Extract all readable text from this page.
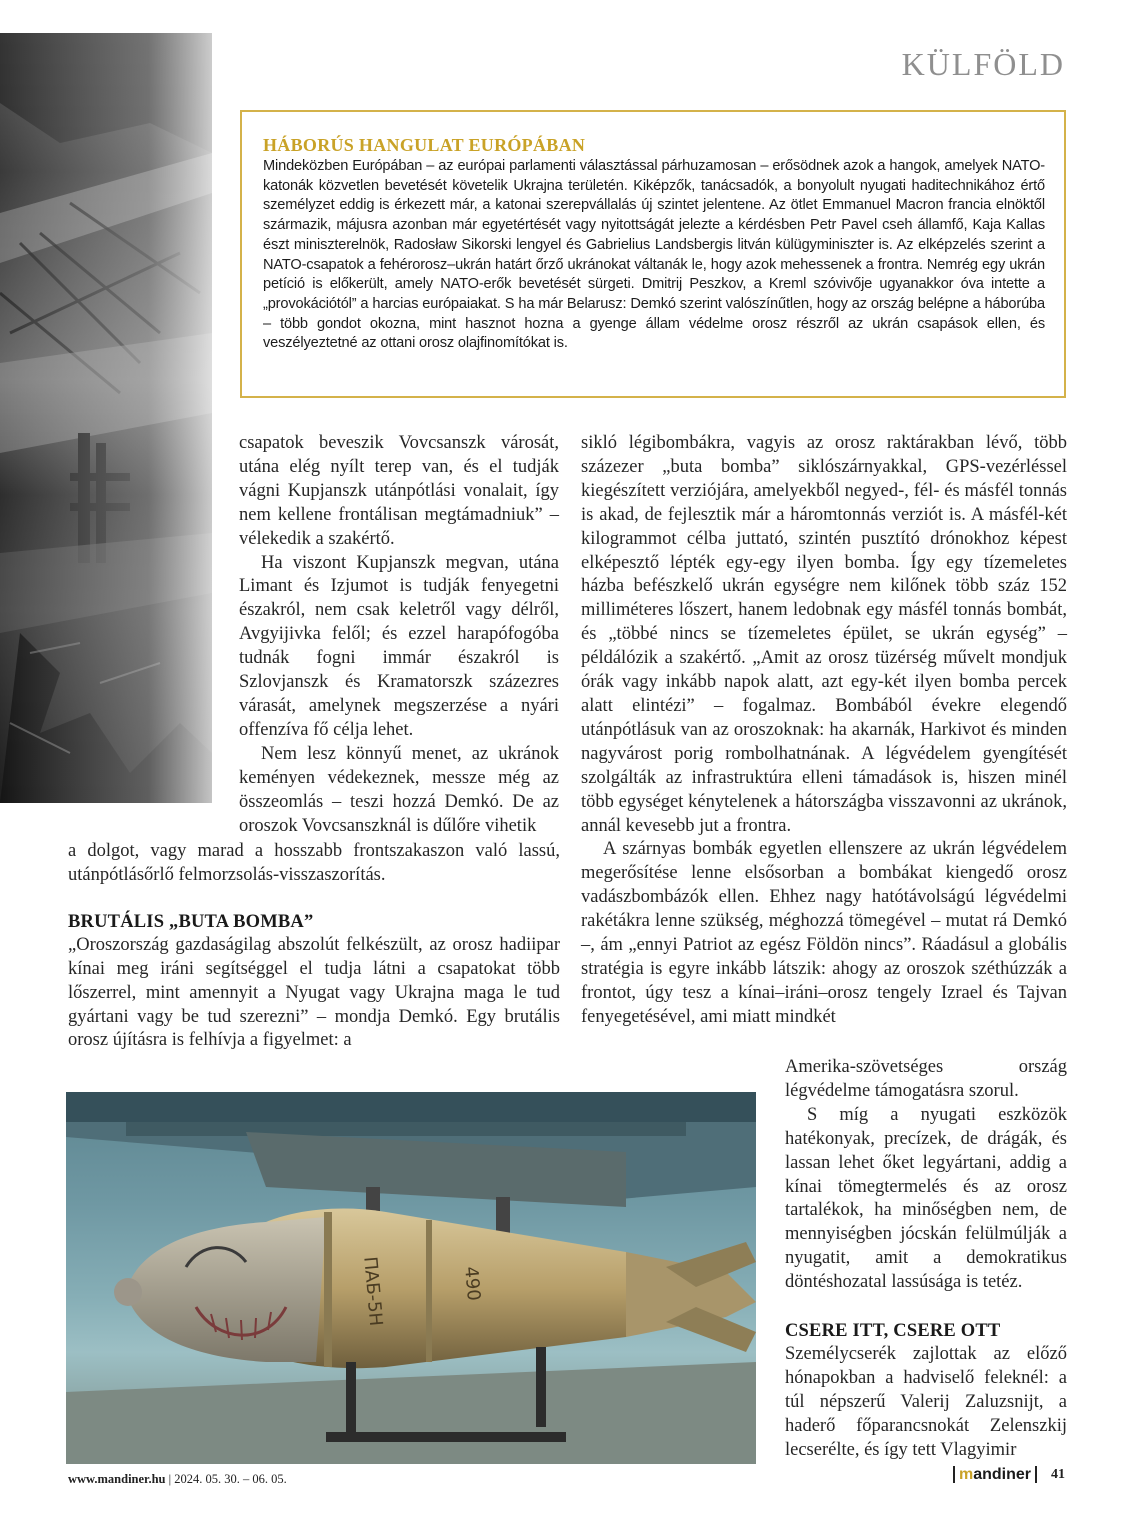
KÜLFÖLD
HÁBORÚS HANGULAT EURÓPÁBAN
Mindeközben Európában – az európai parlamenti választással párhuzamosan – erősödnek azok a hangok, amelyek NATO-katonák közvetlen bevetését követelik Ukrajna területén. Kiképzők, tanácsadók, a bonyolult nyugati haditechnikához értő személyzet eddig is érkezett már, a katonai szerepvállalás új szintet jelentene. Az ötlet Emmanuel Macron francia elnöktől származik, májusra azonban már egyetértését vagy nyitottságát jelezte a kérdésben Petr Pavel cseh államfő, Kaja Kallas észt miniszterelnök, Radosław Sikorski lengyel és Gabrielius Landsbergis litván külügyminiszter is. Az elképzelés szerint a NATO-csapatok a fehérorosz–ukrán határt őrző ukránokat váltanák le, hogy azok mehessenek a frontra. Nemrég egy ukrán petíció is előkerült, amely NATO-erők bevetését sürgeti. Dmitrij Peszkov, a Kreml szóvivője ugyanakkor óva intette a „provokációtól” a harcias európaiakat. S ha már Belarusz: Demkó szerint valószínűtlen, hogy az ország belépne a háborúba – több gondot okozna, mint hasznot hozna a gyenge állam védelme orosz részről az ukrán csapások ellen, és veszélyeztetné az ottani orosz olajfinomítókat is.

csapatok beveszik Vovcsanszk városát, utána elég nyílt terep van, és el tudják vágni Kupjanszk utánpótlási vonalait, így nem kellene frontálisan megtámadniuk” – vélekedik a szakértő.

Ha viszont Kupjanszk megvan, utána Limant és Izjumot is tudják fenyegetni északról, nem csak keletről vagy délről, Avgyijivka felől; és ezzel harapófogóba tudnák fogni immár északról is Szlovjanszk és Kramatorszk százezres várasát, amelynek megszerzése a nyári offenzíva fő célja lehet.

Nem lesz könnyű menet, az ukránok keményen védekeznek, messze még az összeomlás – teszi hozzá Demkó. De az oroszok Vovcsanszknál is dűlőre vihetik

a dolgot, vagy marad a hosszabb frontszakaszon való lassú, utánpótlásőrlő felmorzsolás-visszaszorítás.

BRUTÁLIS „BUTA BOMBA”

„Oroszország gazdaságilag abszolút felkészült, az orosz hadiipar kínai meg iráni segítséggel el tudja látni a csapatokat több lőszerrel, mint amennyit a Nyugat vagy Ukrajna maga le tud gyártani vagy be tud szerezni” – mondja Demkó. Egy brutális orosz újításra is felhívja a figyelmet: a

sikló légibombákra, vagyis az orosz raktárakban lévő, több százezer „buta bomba” siklószárnyakkal, GPS-vezérléssel kiegészített verziójára, amelyekből negyed-, fél- és másfél tonnás is akad, de fejlesztik már a háromtonnás verziót is. A másfél-két kilogrammot célba juttató, szintén pusztító drónokhoz képest elképesztő lépték egy-egy ilyen bomba. Így egy tízemeletes házba befészkelő ukrán egységre nem kilőnek több száz 152 milliméteres lőszert, hanem ledobnak egy másfél tonnás bombát, és „többé nincs se tízemeletes épület, se ukrán egység” – példálózik a szakértő. „Amit az orosz tüzérség művelt mondjuk órák vagy inkább napok alatt, azt egy-két ilyen bomba percek alatt elintézi” – fogalmaz. Bombából évekre elegendő utánpótlásuk van az oroszoknak: ha akarnák, Harkivot és minden nagyvárost porig rombolhatnának. A légvédelem gyengítését szolgálták az infrastruktúra elleni támadások is, hiszen minél több egységet kénytelenek a hátországba visszavonni az ukránok, annál kevesebb jut a frontra.

A szárnyas bombák egyetlen ellenszere az ukrán légvédelem megerősítése lenne elsősorban a bombákat kiengedő orosz vadászbombázók ellen. Ehhez nagy hatótávolságú légvédelmi rakétákra lenne szükség, méghozzá tömegével – mutat rá Demkó –, ám „ennyi Patriot az egész Földön nincs”. Ráadásul a globális stratégia is egyre inkább látszik: ahogy az oroszok széthúzzák a frontot, úgy tesz a kínai–iráni–orosz tengely Izrael és Tajvan fenyegetésével, ami miatt mindkét

Amerika-szövetséges ország légvédelme támogatásra szorul.

S míg a nyugati eszközök hatékonyak, precízek, de drágák, és lassan lehet őket legyártani, addig a kínai tömegtermelés és az orosz tartalékok, ha minőségben nem, de mennyiségben jócskán felülmúlják a nyugatit, amit a demokratikus döntéshozatal lassúsága is tetéz.

CSERE ITT, CSERE OTT

Személycserék zajlottak az előző hónapokban a hadviselő feleknél: a túl népszerű Valerij Zaluzsnijt, a haderő főparancsnokát Zelenszkij lecserélte, és így tett Vlagyimir

ПАБ-5Н	490
www.mandiner.hu | 2024. 05. 30. – 06. 05.	mandiner	41
